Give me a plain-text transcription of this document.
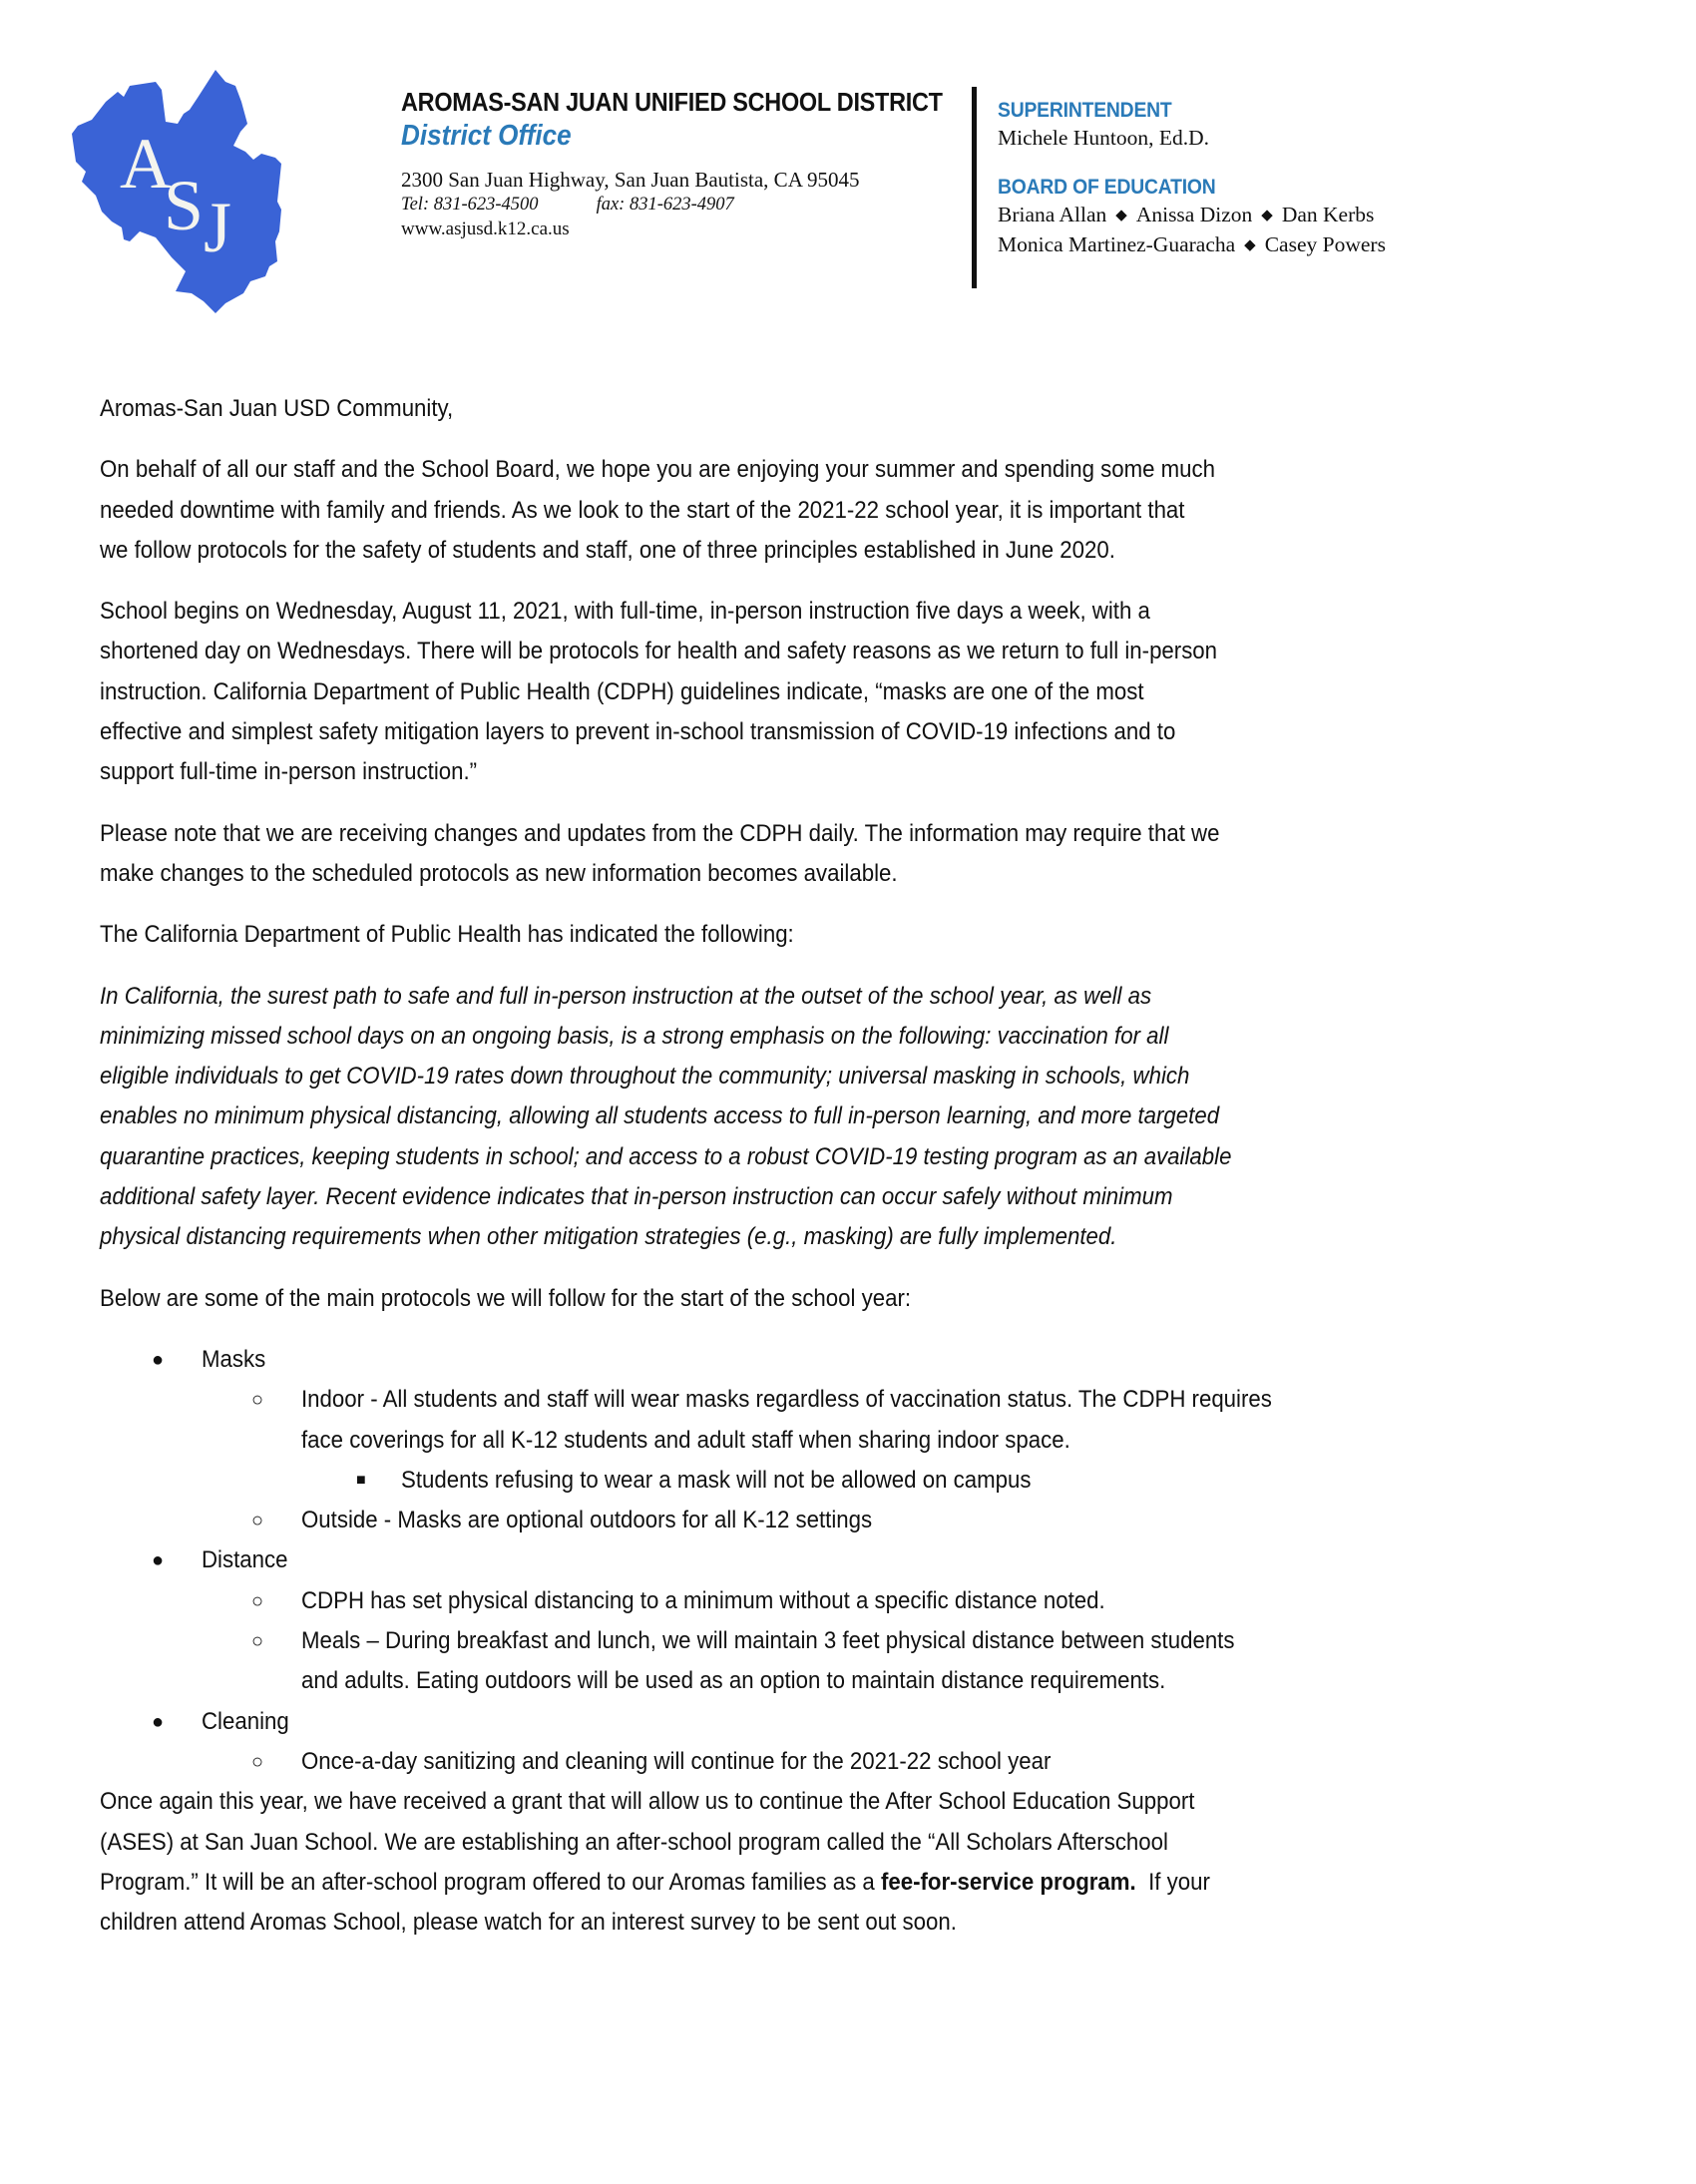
A
S J
AROMAS-SAN JUAN UNIFIED SCHOOL DISTRICT
District Office
2300 San Juan Highway, San Juan Bautista, CA 95045
Tel: 831-623-4500	fax: 831-623-4907
www.asjusd.k12.ca.us
SUPERINTENDENT
Michele Huntoon, Ed.D.
BOARD OF EDUCATION
Briana Allan ◆ Anissa Dizon ◆ Dan Kerbs
Monica Martinez-Guaracha ◆ Casey Powers

Aromas-San Juan USD Community,

On behalf of all our staff and the School Board, we hope you are enjoying your summer and spending some much
needed downtime with family and friends. As we look to the start of the 2021-22 school year, it is important that
we follow protocols for the safety of students and staff, one of three principles established in June 2020.

School begins on Wednesday, August 11, 2021, with full-time, in-person instruction five days a week, with a
shortened day on Wednesdays. There will be protocols for health and safety reasons as we return to full in-person
instruction. California Department of Public Health (CDPH) guidelines indicate, “masks are one of the most
effective and simplest safety mitigation layers to prevent in-school transmission of COVID-19 infections and to
support full-time in-person instruction.”

Please note that we are receiving changes and updates from the CDPH daily. The information may require that we
make changes to the scheduled protocols as new information becomes available.

The California Department of Public Health has indicated the following:

In California, the surest path to safe and full in-person instruction at the outset of the school year, as well as
minimizing missed school days on an ongoing basis, is a strong emphasis on the following: vaccination for all
eligible individuals to get COVID-19 rates down throughout the community; universal masking in schools, which
enables no minimum physical distancing, allowing all students access to full in-person learning, and more targeted
quarantine practices, keeping students in school; and access to a robust COVID-19 testing program as an available
additional safety layer. Recent evidence indicates that in-person instruction can occur safely without minimum
physical distancing requirements when other mitigation strategies (e.g., masking) are fully implemented.

Below are some of the main protocols we will follow for the start of the school year:

● Masks
○ Indoor - All students and staff will wear masks regardless of vaccination status. The CDPH requires
face coverings for all K-12 students and adult staff when sharing indoor space.
■ Students refusing to wear a mask will not be allowed on campus
○ Outside - Masks are optional outdoors for all K-12 settings
● Distance
○ CDPH has set physical distancing to a minimum without a specific distance noted.
○ Meals – During breakfast and lunch, we will maintain 3 feet physical distance between students
and adults. Eating outdoors will be used as an option to maintain distance requirements.
● Cleaning
○ Once-a-day sanitizing and cleaning will continue for the 2021-22 school year

Once again this year, we have received a grant that will allow us to continue the After School Education Support
(ASES) at San Juan School. We are establishing an after-school program called the “All Scholars Afterschool
Program.” It will be an after-school program offered to our Aromas families as a fee-for-service program.  If your
children attend Aromas School, please watch for an interest survey to be sent out soon.
